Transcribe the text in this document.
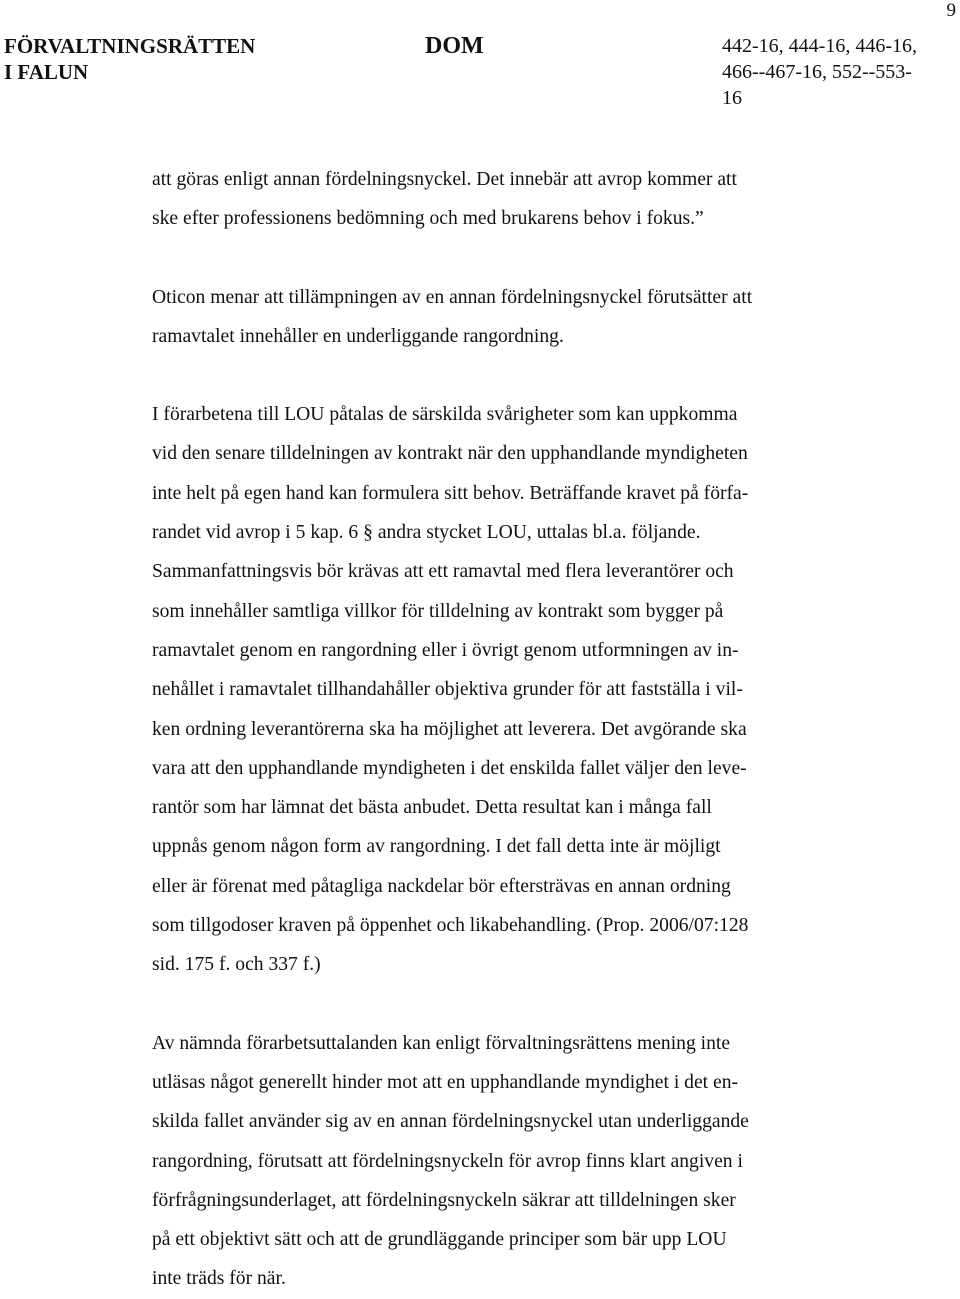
9
FÖRVALTNINGSRÄTTEN
I FALUN
DOM	442-16, 444-16, 446-16, 466--467-16, 552--553-16

att göras enligt annan fördelningsnyckel. Det innebär att avrop kommer att
ske efter professionens bedömning och med brukarens behov i fokus.”

Oticon menar att tillämpningen av en annan fördelningsnyckel förutsätter att
ramavtalet innehåller en underliggande rangordning.

I förarbetena till LOU påtalas de särskilda svårigheter som kan uppkomma
vid den senare tilldelningen av kontrakt när den upphandlande myndigheten
inte helt på egen hand kan formulera sitt behov. Beträffande kravet på förfa-
randet vid avrop i 5 kap. 6 § andra stycket LOU, uttalas bl.a. följande.
Sammanfattningsvis bör krävas att ett ramavtal med flera leverantörer och
som innehåller samtliga villkor för tilldelning av kontrakt som bygger på
ramavtalet genom en rangordning eller i övrigt genom utformningen av in-
nehållet i ramavtalet tillhandahåller objektiva grunder för att fastställa i vil-
ken ordning leverantörerna ska ha möjlighet att leverera. Det avgörande ska
vara att den upphandlande myndigheten i det enskilda fallet väljer den leve-
rantör som har lämnat det bästa anbudet. Detta resultat kan i många fall
uppnås genom någon form av rangordning. I det fall detta inte är möjligt
eller är förenat med påtagliga nackdelar bör eftersträvas en annan ordning
som tillgodoser kraven på öppenhet och likabehandling. (Prop. 2006/07:128
sid. 175 f. och 337 f.)

Av nämnda förarbetsuttalanden kan enligt förvaltningsrättens mening inte
utläsas något generellt hinder mot att en upphandlande myndighet i det en-
skilda fallet använder sig av en annan fördelningsnyckel utan underliggande
rangordning, förutsatt att fördelningsnyckeln för avrop finns klart angiven i
förfrågningsunderlaget, att fördelningsnyckeln säkrar att tilldelningen sker
på ett objektivt sätt och att de grundläggande principer som bär upp LOU
inte träds för när.
